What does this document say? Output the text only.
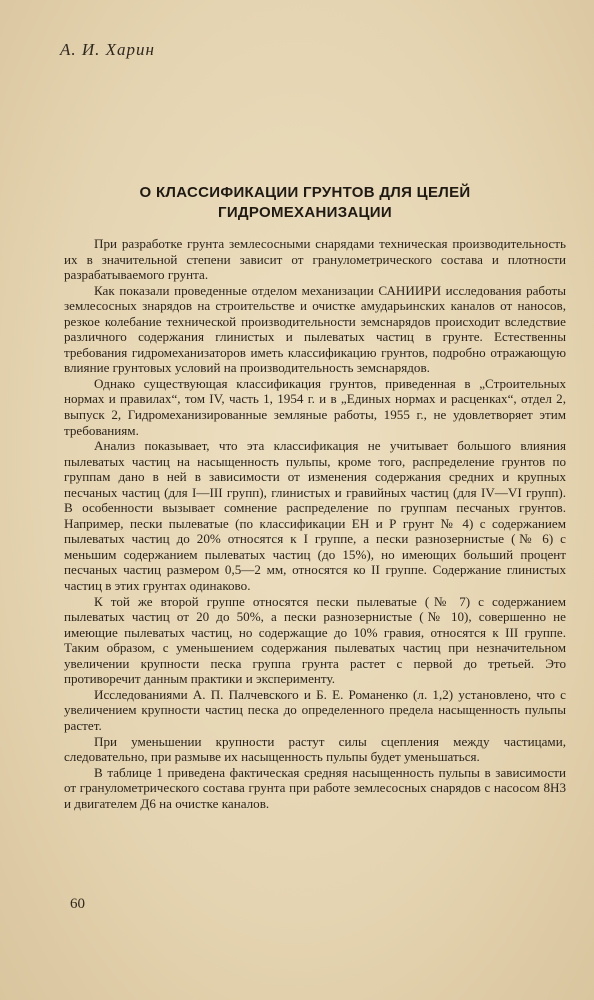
А. И. Харин
О КЛАССИФИКАЦИИ ГРУНТОВ ДЛЯ ЦЕЛЕЙ
ГИДРОМЕХАНИЗАЦИИ

При разработке грунта землесосными снарядами техническая производительность их в значительной степени зависит от гранулометрического состава и плотности разрабатываемого грунта.

Как показали проведенные отделом механизации САНИИРИ исследования работы землесосных знарядов на строительстве и очистке амударьинских каналов от наносов, резкое колебание технической производительности земснарядов происходит вследствие различного содержания глинистых и пылеватых частиц в грунте. Естественны требования гидромеханизаторов иметь классификацию грунтов, подробно отражающую влияние грунтовых условий на производительность земснарядов.

Однако существующая классификация грунтов, приведенная в „Строительных нормах и правилах“, том IV, часть 1, 1954 г. и в „Единых нормах и расценках“, отдел 2, выпуск 2, Гидромеханизированные земляные работы, 1955 г., не удовлетворяет этим требованиям.

Анализ показывает, что эта классификация не учитывает большого влияния пылеватых частиц на насыщенность пульпы, кроме того, распределение грунтов по группам дано в ней в зависимости от изменения содержания средних и крупных песчаных частиц (для I—III групп), глинистых и гравийных частиц (для IV—VI групп). В особенности вызывает сомнение распределение по группам песчаных грунтов. Например, пески пылеватые (по классификации ЕН и Р грунт № 4) с содержанием пылеватых частиц до 20% относятся к I группе, а пески разнозернистые (№ 6) с меньшим содержанием пылеватых частиц (до 15%), но имеющих больший процент песчаных частиц размером 0,5—2 мм, относятся ко II группе. Содержание глинистых частиц в этих грунтах одинаково.

К той же второй группе относятся пески пылеватые (№ 7) с содержанием пылеватых частиц от 20 до 50%, а пески разнозернистые (№ 10), совершенно не имеющие пылеватых частиц, но содержащие до 10% гравия, относятся к III группе. Таким образом, с уменьшением содержания пылеватых частиц при незначительном увеличении крупности песка группа грунта растет с первой до третьей. Это противоречит данным практики и эксперименту.

Исследованиями А. П. Палчевского и Б. Е. Романенко (л. 1,2) установлено, что с увеличением крупности частиц песка до определенного предела насыщенность пульпы растет.

При уменьшении крупности растут силы сцепления между частицами, следовательно, при размыве их насыщенность пульпы будет уменьшаться.

В таблице 1 приведена фактическая средняя насыщенность пульпы в зависимости от гранулометрического состава грунта при работе землесосных снарядов с насосом 8Н3 и двигателем Д6 на очистке каналов.

60
